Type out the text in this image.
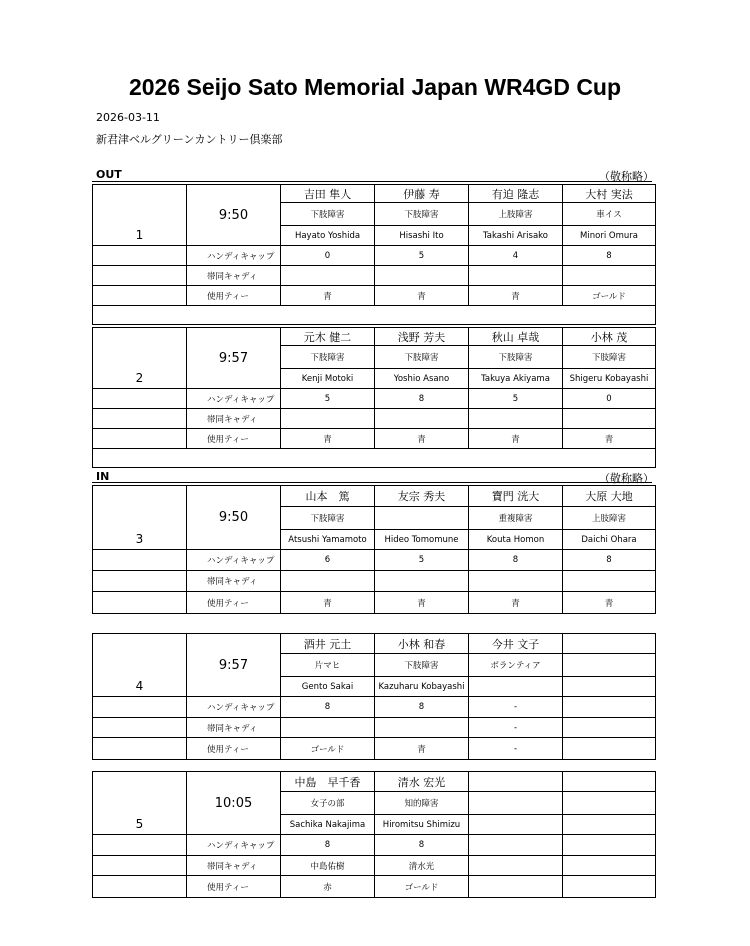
2026 Seijo Sato Memorial Japan WR4GD Cup
2026-03-11
新君津ベルグリーンカントリー倶楽部
OUT	（敬称略）
IN	（敬称略）
1	9:50	吉田 隼人	伊藤 寿	有迫 隆志	大村 実法
		下肢障害	下肢障害	上肢障害	車イス
		Hayato Yoshida	Hisashi Ito	Takashi Arisako	Minori Omura
	ハンディキャップ	0	5	4	8
	帯同キャディ				
	使用ティー	青	青	青	ゴールド

2	9:57	元木 健二	浅野 芳夫	秋山 卓哉	小林 茂
		下肢障害	下肢障害	下肢障害	下肢障害
		Kenji Motoki	Yoshio Asano	Takuya Akiyama	Shigeru Kobayashi
	ハンディキャップ	5	8	5	0
	帯同キャディ				
	使用ティー	青	青	青	青

3	9:50	山本　篤	友宗 秀夫	寶門 洸大	大原 大地
		下肢障害		重複障害	上肢障害
		Atsushi Yamamoto	Hideo Tomomune	Kouta Homon	Daichi Ohara
	ハンディキャップ	6	5	8	8
	帯同キャディ				
	使用ティー	青	青	青	青
4	9:57	酒井 元土	小林 和春	今井 文子	
		片マヒ	下肢障害	ボランティア	
		Gento Sakai	Kazuharu Kobayashi		
	ハンディキャップ	8	8	-	
	帯同キャディ			-	
	使用ティー	ゴールド	青	-	
5	10:05	中島　早千香	清水 宏光		
		女子の部	知的障害		
		Sachika Nakajima	Hiromitsu Shimizu		
	ハンディキャップ	8	8		
	帯同キャディ	中島佑樹	清水光		
	使用ティー	赤	ゴールド		
